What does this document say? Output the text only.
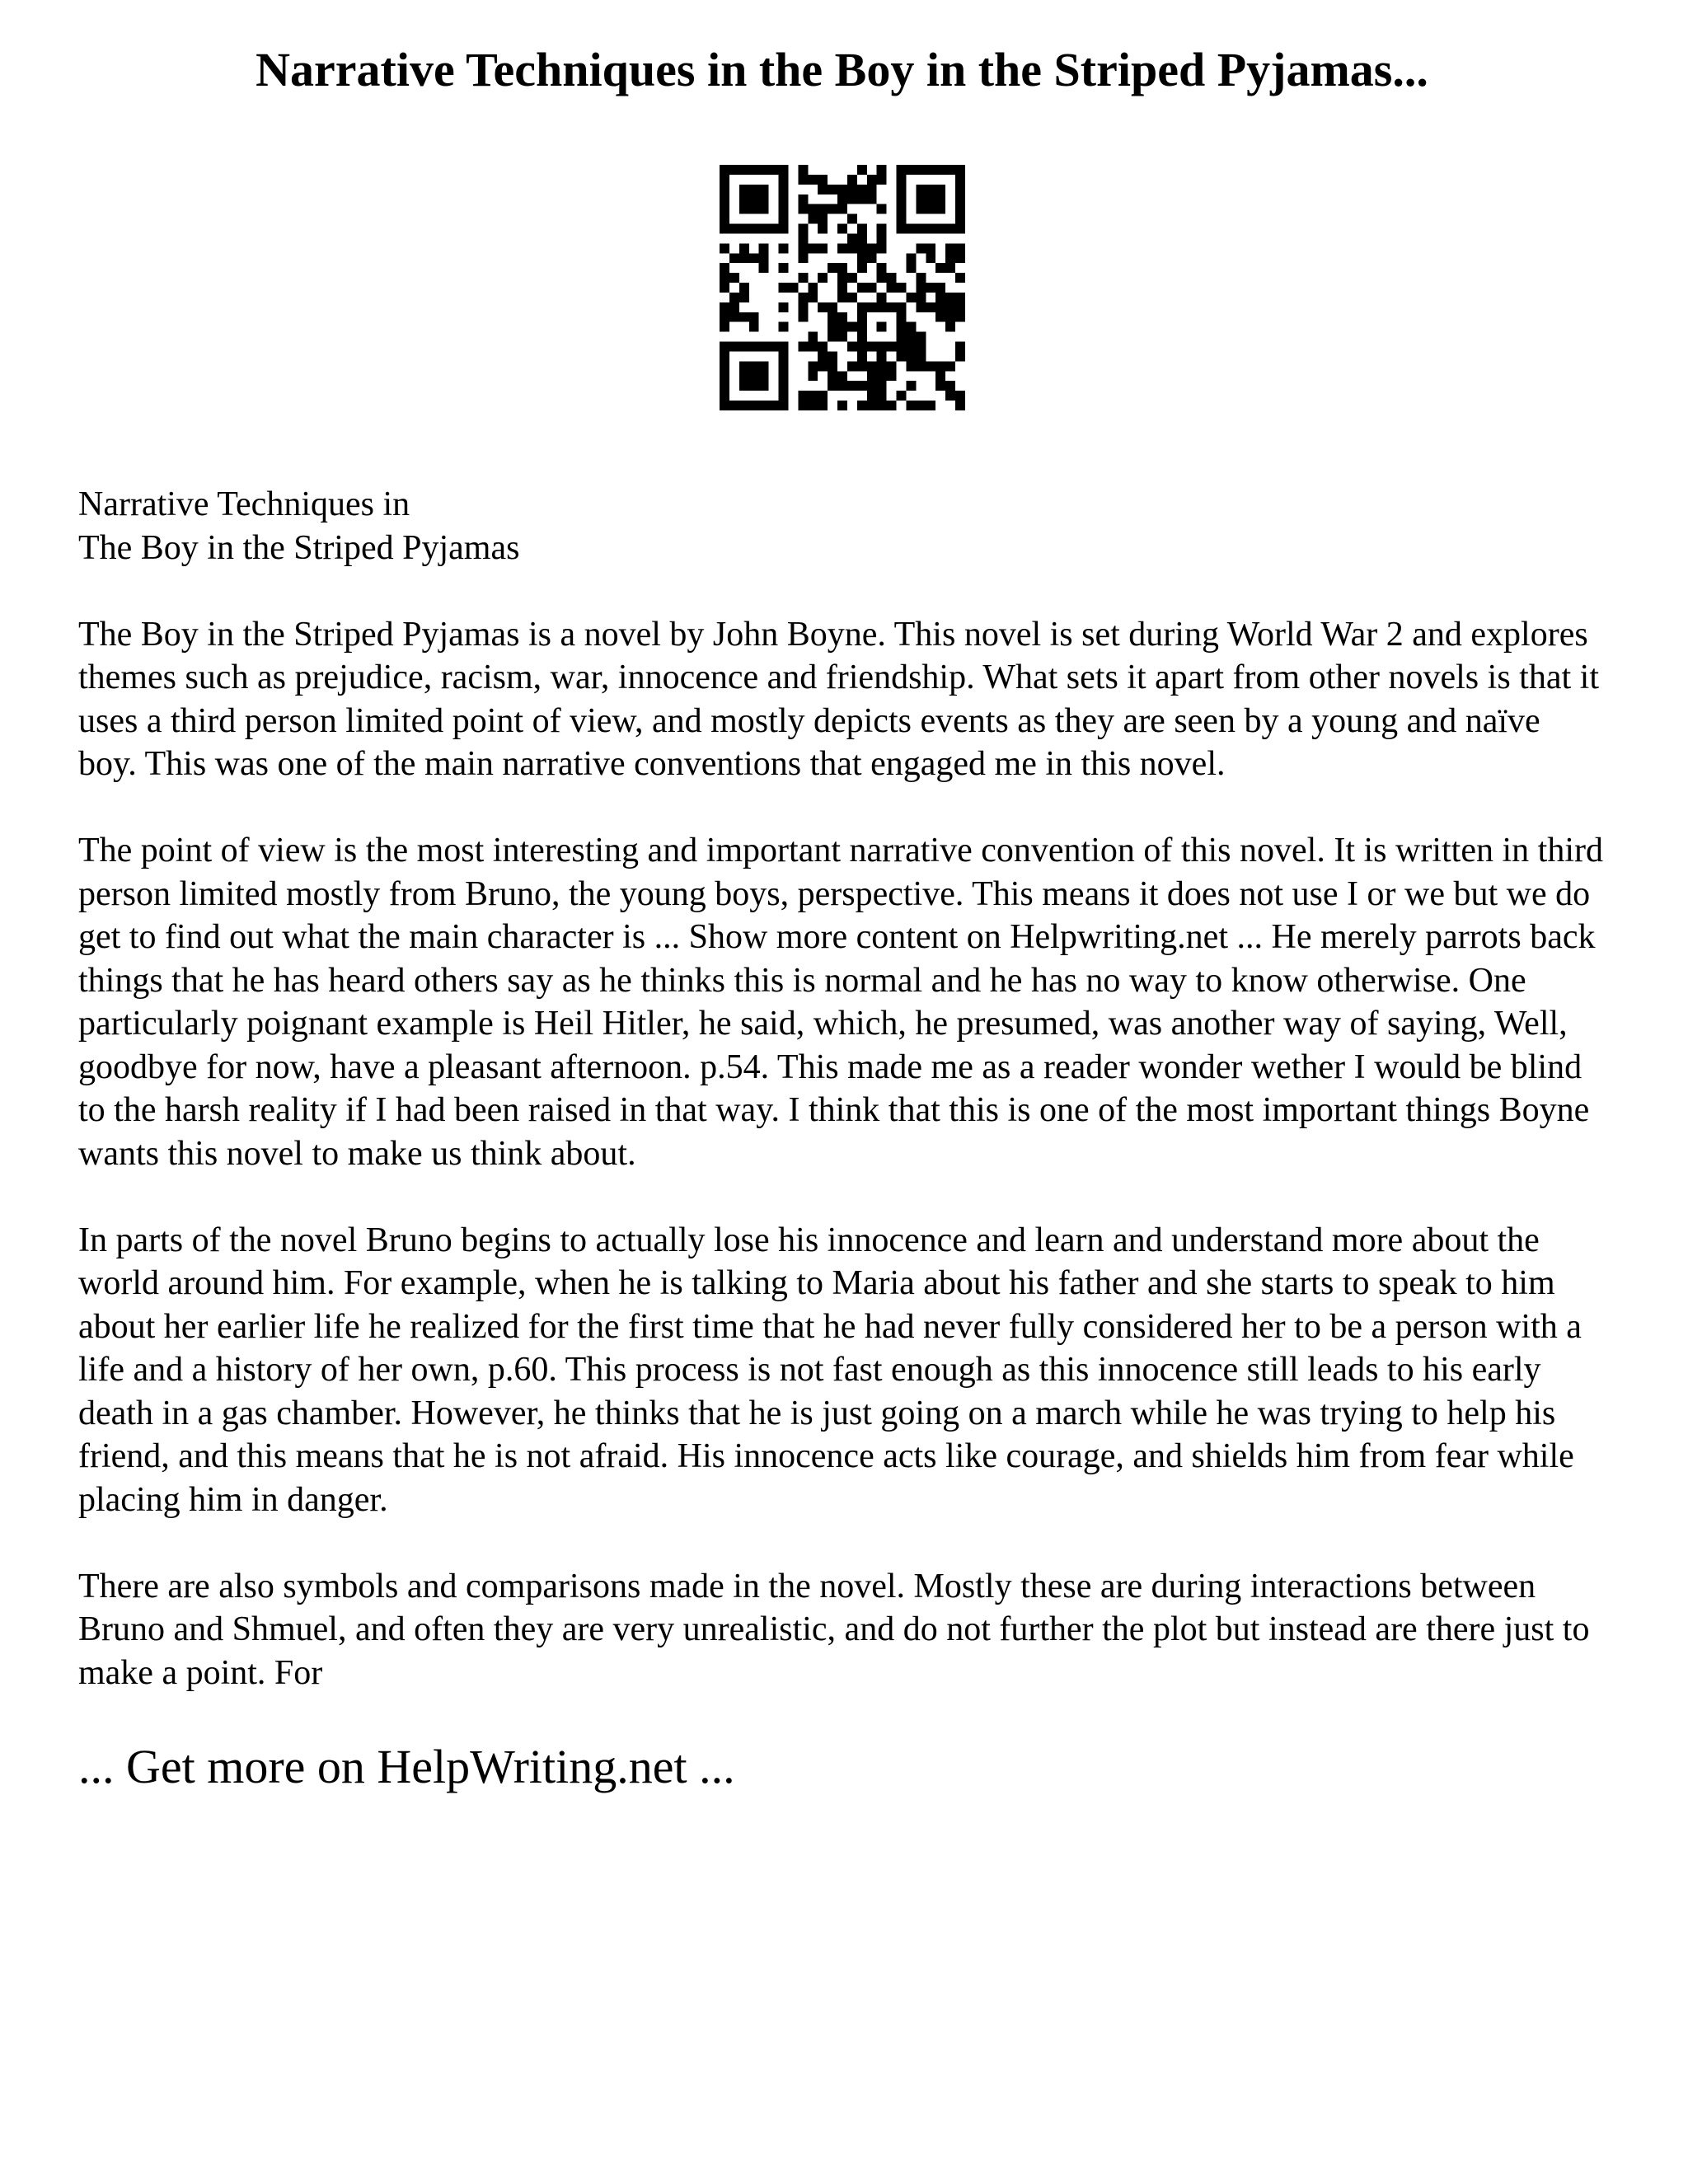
Narrative Techniques in the Boy in the Striped Pyjamas...

Narrative Techniques in
The Boy in the Striped Pyjamas

The Boy in the Striped Pyjamas is a novel by John Boyne. This novel is set during World War 2 and explores themes such as prejudice, racism, war, innocence and friendship. What sets it apart from other novels is that it uses a third person limited point of view, and mostly depicts events as they are seen by a young and naïve boy. This was one of the main narrative conventions that engaged me in this novel.

The point of view is the most interesting and important narrative convention of this novel. It is written in third person limited mostly from Bruno, the young boys, perspective. This means it does not use I or we but we do get to find out what the main character is ... Show more content on Helpwriting.net ... He merely parrots back things that he has heard others say as he thinks this is normal and he has no way to know otherwise. One particularly poignant example is Heil Hitler, he said, which, he presumed, was another way of saying, Well, goodbye for now, have a pleasant afternoon. p.54. This made me as a reader wonder wether I would be blind to the harsh reality if I had been raised in that way. I think that this is one of the most important things Boyne wants this novel to make us think about.

In parts of the novel Bruno begins to actually lose his innocence and learn and understand more about the world around him. For example, when he is talking to Maria about his father and she starts to speak to him about her earlier life he realized for the first time that he had never fully considered her to be a person with a life and a history of her own, p.60. This process is not fast enough as this innocence still leads to his early death in a gas chamber. However, he thinks that he is just going on a march while he was trying to help his friend, and this means that he is not afraid. His innocence acts like courage, and shields him from fear while placing him in danger.

There are also symbols and comparisons made in the novel. Mostly these are during interactions between Bruno and Shmuel, and often they are very unrealistic, and do not further the plot but instead are there just to make a point. For

... Get more on HelpWriting.net ...
